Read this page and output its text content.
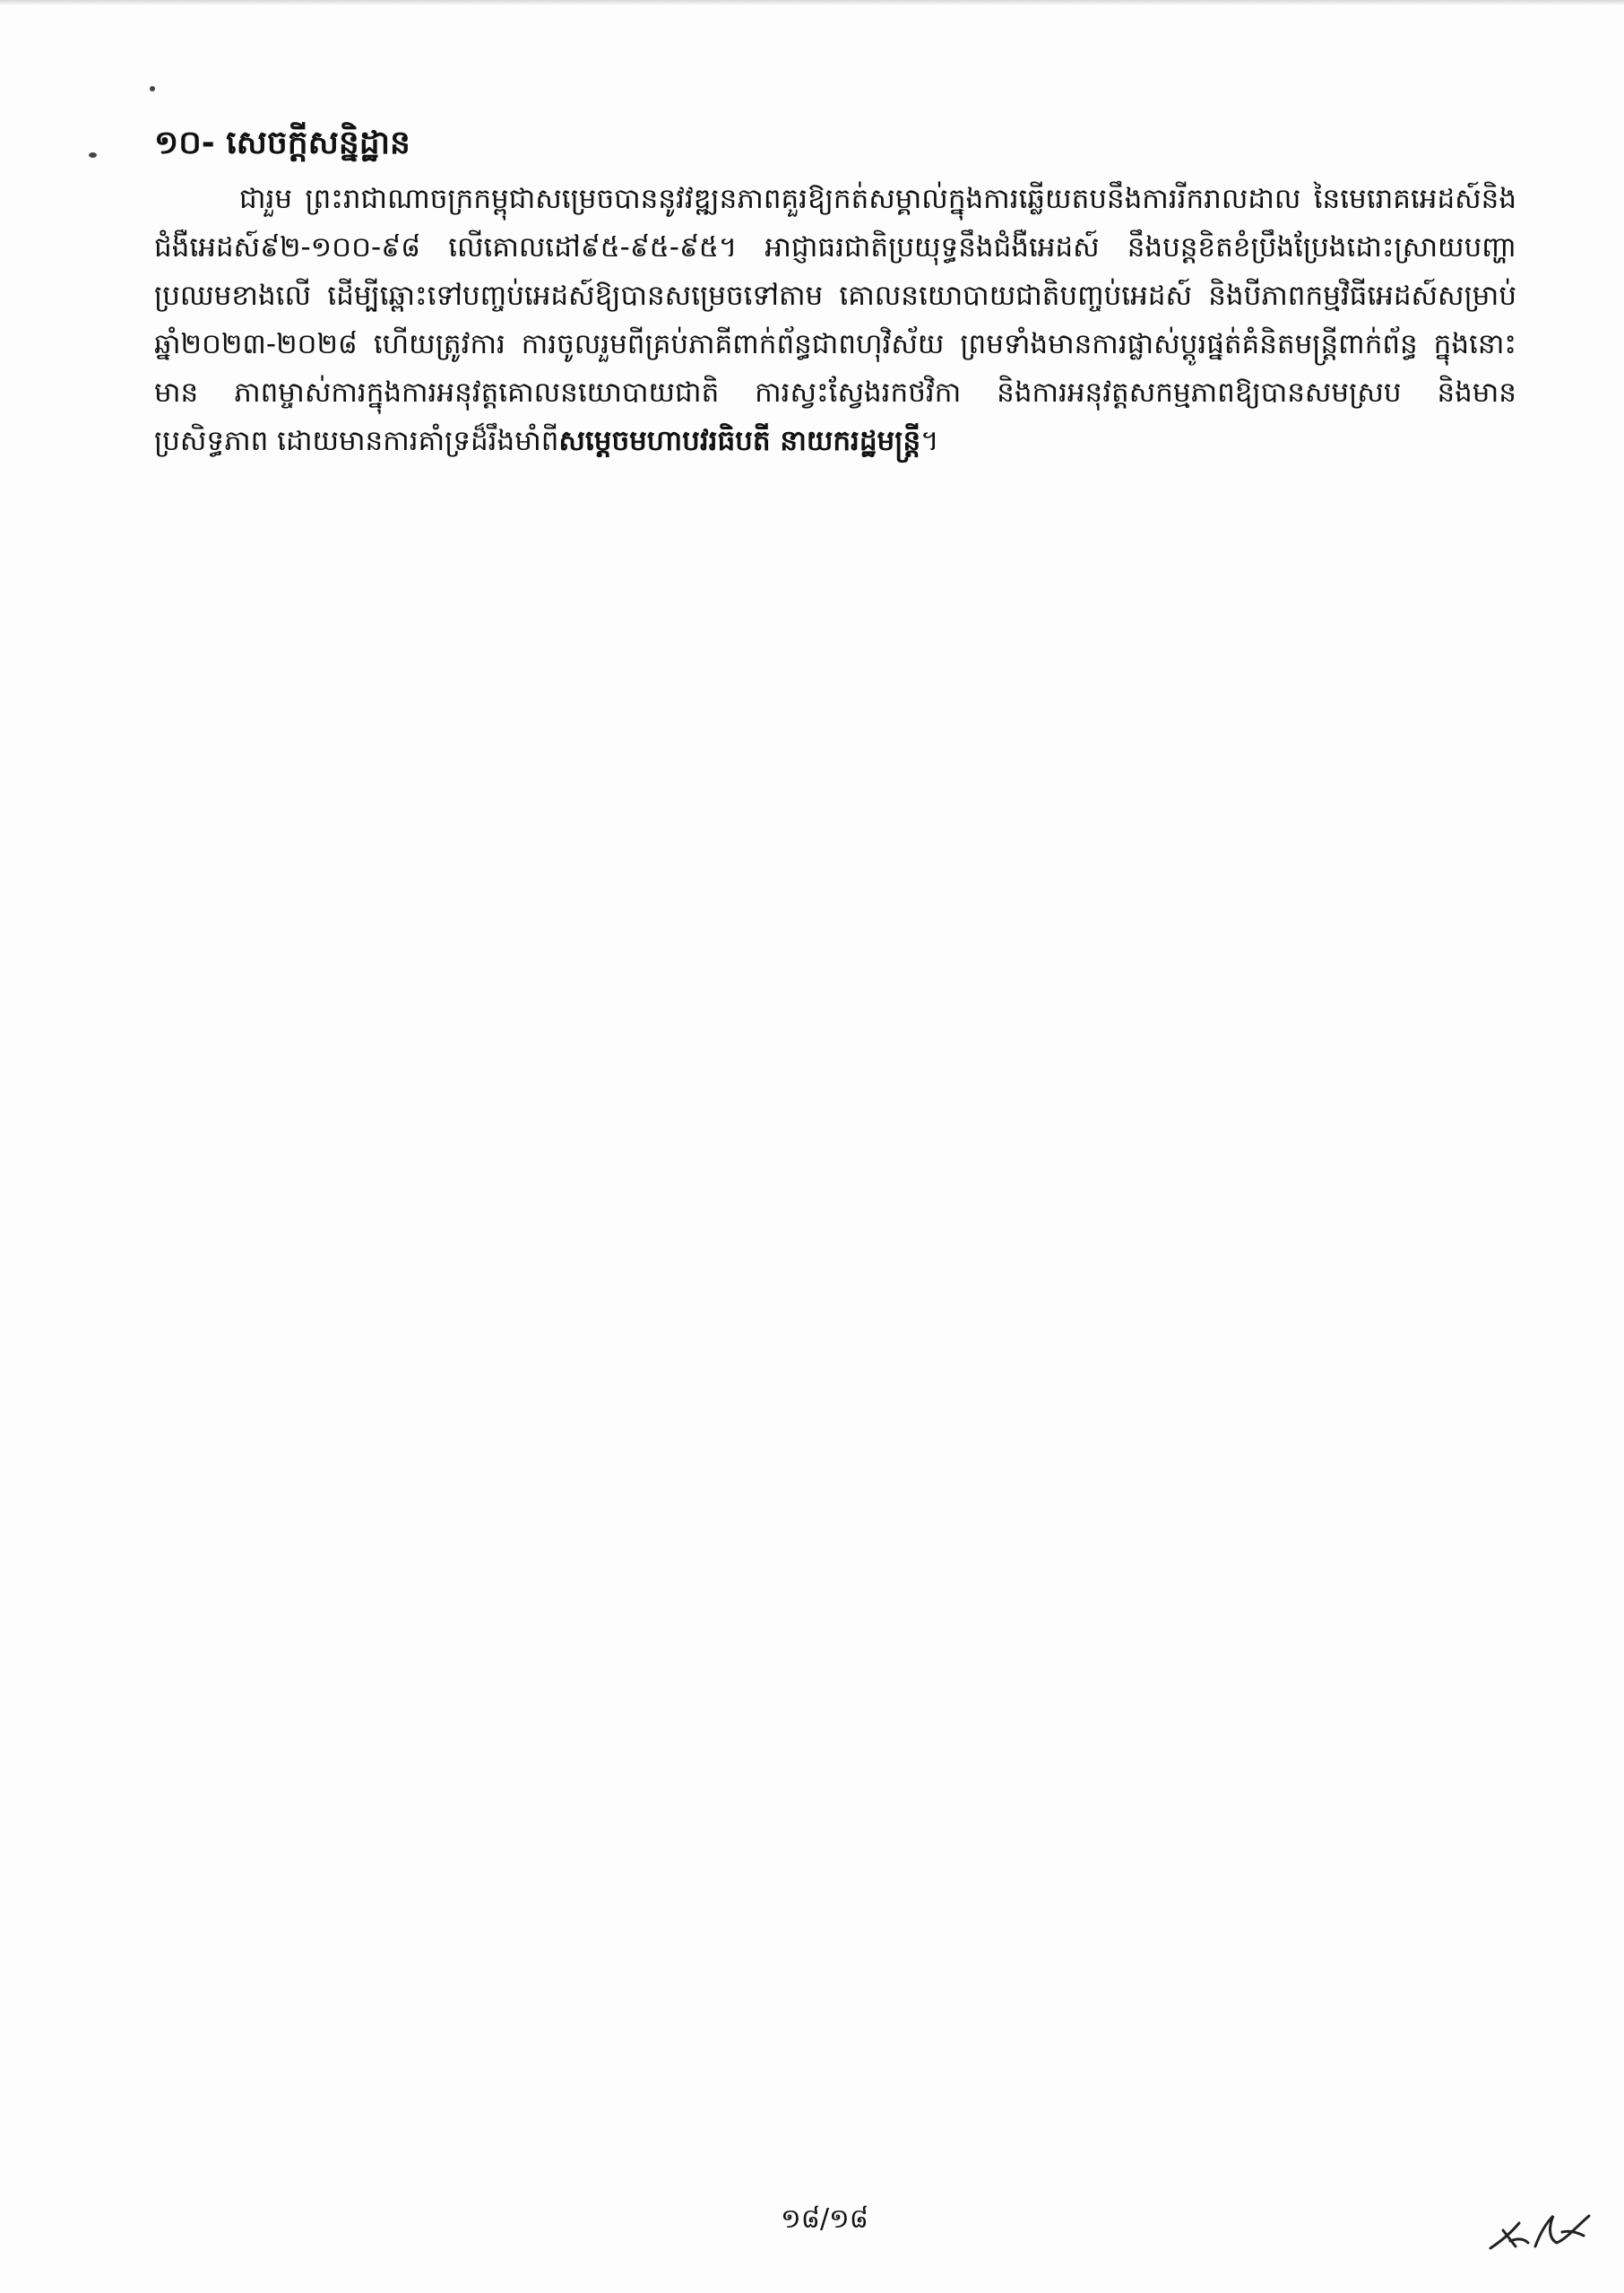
១០- សេចក្តីសន្និដ្ឋាន

ជារួម ព្រះរាជាណាចក្រកម្ពុជាសម្រេចបាននូវវឌ្ឍនភាពគួរឱ្យកត់សម្គាល់ក្នុងការឆ្លើយតបនឹងការរីករាលដាល នៃមេរោគអេដស៍និងជំងឺអេដស៍៩២-១០០-៩៨ លើគោលដៅ៩៥-៩៥-៩៥។ អាជ្ញាធរជាតិប្រយុទ្ធនឹងជំងឺអេដស៍ នឹងបន្តខិតខំប្រឹងប្រែងដោះស្រាយបញ្ហាប្រឈមខាងលើ ដើម្បីឆ្ពោះទៅបញ្ចប់អេដស៍ឱ្យបានសម្រេចទៅតាម គោលនយោបាយជាតិបញ្ចប់អេដស៍ និងបីភាពកម្មវិធីអេដស៍សម្រាប់ឆ្នាំ២០២៣-២០២៨ ហើយត្រូវការ ការចូលរួមពីគ្រប់ភាគីពាក់ព័ន្ធជាពហុវិស័យ ព្រមទាំងមានការផ្លាស់ប្តូរផ្នត់គំនិតមន្ត្រីពាក់ព័ន្ធ ក្នុងនោះមាន ភាពម្ចាស់ការក្នុងការអនុវត្តគោលនយោបាយជាតិ ការស្វះស្វែងរកថវិកា និងការអនុវត្តសកម្មភាពឱ្យបានសមស្រប និងមានប្រសិទ្ធភាព ដោយមានការគាំទ្រដ៏រឹងមាំពីសម្តេចមហាបវរធិបតី នាយករដ្ឋមន្ត្រី។

១៨/១៨
